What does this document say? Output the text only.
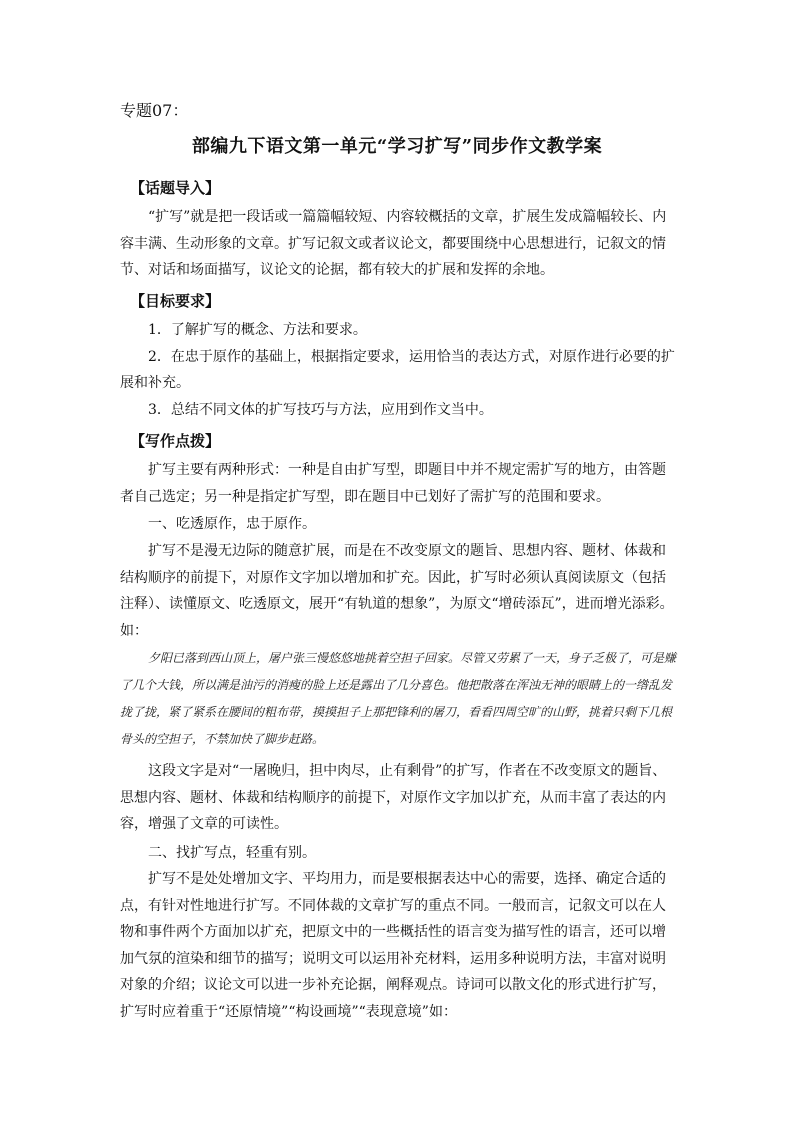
专题07：
部编九下语文第一单元“学习扩写”同步作文教学案
【话题导入】
“扩写”就是把一段话或一篇篇幅较短、内容较概括的文章，扩展生发成篇幅较长、内容丰满、生动形象的文章。扩写记叙文或者议论文，都要围绕中心思想进行，记叙文的情节、对话和场面描写，议论文的论据，都有较大的扩展和发挥的余地。
【目标要求】

1．了解扩写的概念、方法和要求。

2．在忠于原作的基础上，根据指定要求，运用恰当的表达方式，对原作进行必要的扩展和补充。

3．总结不同文体的扩写技巧与方法，应用到作文当中。

【写作点拨】
扩写主要有两种形式：一种是自由扩写型，即题目中并不规定需扩写的地方，由答题者自己选定；另一种是指定扩写型，即在题目中已划好了需扩写的范围和要求。
一、吃透原作，忠于原作。
扩写不是漫无边际的随意扩展，而是在不改变原文的题旨、思想内容、题材、体裁和结构顺序的前提下，对原作文字加以增加和扩充。因此，扩写时必须认真阅读原文（包括注释）、读懂原文、吃透原文，展开“有轨道的想象”，为原文“增砖添瓦”，进而增光添彩。如：
夕阳已落到西山顶上，屠户张三慢悠悠地挑着空担子回家。尽管又劳累了一天，身子乏极了，可是赚了几个大钱，所以满是油污的消瘦的脸上还是露出了几分喜色。他把散落在浑浊无神的眼睛上的一绺乱发拢了拢，紧了紧系在腰间的粗布带，摸摸担子上那把锋利的屠刀，看看四周空旷的山野，挑着只剩下几根骨头的空担子，不禁加快了脚步赶路。
这段文字是对“一屠晚归，担中肉尽，止有剩骨”的扩写，作者在不改变原文的题旨、思想内容、题材、体裁和结构顺序的前提下，对原作文字加以扩充，从而丰富了表达的内容，增强了文章的可读性。
二、找扩写点，轻重有别。
扩写不是处处增加文字、平均用力，而是要根据表达中心的需要，选择、确定合适的点，有针对性地进行扩写。不同体裁的文章扩写的重点不同。一般而言，记叙文可以在人物和事件两个方面加以扩充，把原文中的一些概括性的语言变为描写性的语言，还可以增加气氛的渲染和细节的描写；说明文可以运用补充材料，运用多种说明方法，丰富对说明对象的介绍；议论文可以进一步补充论据，阐释观点。诗词可以散文化的形式进行扩写，扩写时应着重于“还原情境”“构设画境”“表现意境”如：
